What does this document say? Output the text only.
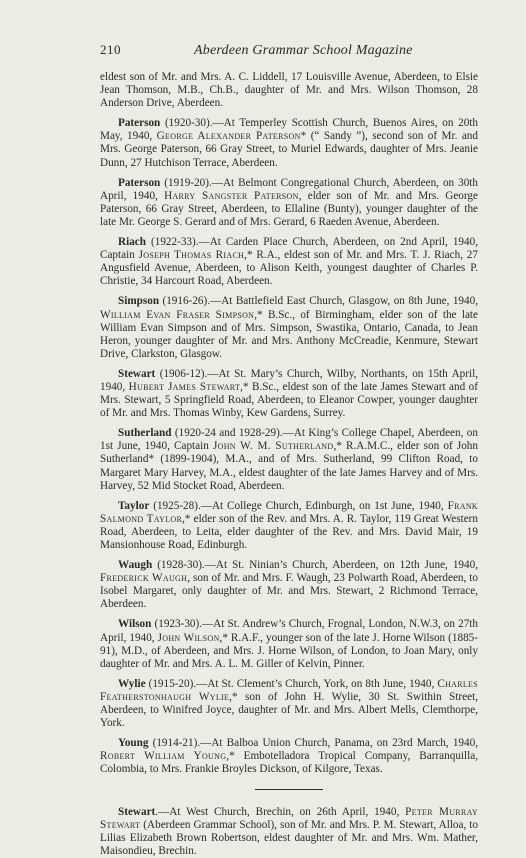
210	Aberdeen Grammar School Magazine

eldest son of Mr. and Mrs. A. C. Liddell, 17 Louisville Avenue, Aberdeen, to Elsie Jean Thomson, M.B., Ch.B., daughter of Mr. and Mrs. Wilson Thomson, 28 Anderson Drive, Aberdeen.

Paterson (1920-30).—At Temperley Scottish Church, Buenos Aires, on 20th May, 1940, George Alexander Paterson* (“ Sandy ”), second son of Mr. and Mrs. George Paterson, 66 Gray Street, to Muriel Edwards, daughter of Mrs. Jeanie Dunn, 27 Hutchison Terrace, Aberdeen.

Paterson (1919-20).—At Belmont Congregational Church, Aberdeen, on 30th April, 1940, Harry Sangster Paterson, elder son of Mr. and Mrs. George Paterson, 66 Gray Street, Aberdeen, to Ellaline (Bunty), younger daughter of the late Mr. George S. Gerard and of Mrs. Gerard, 6 Raeden Avenue, Aberdeen.

Riach (1922-33).—At Carden Place Church, Aberdeen, on 2nd April, 1940, Captain Joseph Thomas Riach,* R.A., eldest son of Mr. and Mrs. T. J. Riach, 27 Angusfield Avenue, Aberdeen, to Alison Keith, youngest daughter of Charles P. Christie, 34 Harcourt Road, Aberdeen.

Simpson (1916-26).—At Battlefield East Church, Glasgow, on 8th June, 1940, William Evan Fraser Simpson,* B.Sc., of Birmingham, elder son of the late William Evan Simpson and of Mrs. Simpson, Swastika, Ontario, Canada, to Jean Heron, younger daughter of Mr. and Mrs. Anthony McCreadie, Kenmure, Stewart Drive, Clarkston, Glasgow.

Stewart (1906-12).—At St. Mary’s Church, Wilby, Northants, on 15th April, 1940, Hubert James Stewart,* B.Sc., eldest son of the late James Stewart and of Mrs. Stewart, 5 Springfield Road, Aberdeen, to Eleanor Cowper, younger daughter of Mr. and Mrs. Thomas Winby, Kew Gardens, Surrey.

Sutherland (1920-24 and 1928-29).—At King’s College Chapel, Aberdeen, on 1st June, 1940, Captain John W. M. Sutherland,* R.A.M.C., elder son of John Sutherland* (1899-1904), M.A., and of Mrs. Sutherland, 99 Clifton Road, to Margaret Mary Harvey, M.A., eldest daughter of the late James Harvey and of Mrs. Harvey, 52 Mid Stocket Road, Aberdeen.

Taylor (1925-28).—At College Church, Edinburgh, on 1st June, 1940, Frank Salmond Taylor,* elder son of the Rev. and Mrs. A. R. Taylor, 119 Great Western Road, Aberdeen, to Leita, elder daughter of the Rev. and Mrs. David Mair, 19 Mansionhouse Road, Edinburgh.

Waugh (1928-30).—At St. Ninian’s Church, Aberdeen, on 12th June, 1940, Frederick Waugh, son of Mr. and Mrs. F. Waugh, 23 Polwarth Road, Aberdeen, to Isobel Margaret, only daughter of Mr. and Mrs. Stewart, 2 Richmond Terrace, Aberdeen.

Wilson (1923-30).—At St. Andrew’s Church, Frognal, London, N.W.3, on 27th April, 1940, John Wilson,* R.A.F., younger son of the late J. Horne Wilson (1885-91), M.D., of Aberdeen, and Mrs. J. Horne Wilson, of London, to Joan Mary, only daughter of Mr. and Mrs. A. L. M. Giller of Kelvin, Pinner.

Wylie (1915-20).—At St. Clement’s Church, York, on 8th June, 1940, Charles Featherstonhaugh Wylie,* son of John H. Wylie, 30 St. Swithin Street, Aberdeen, to Winifred Joyce, daughter of Mr. and Mrs. Albert Mells, Clemthorpe, York.

Young (1914-21).—At Balboa Union Church, Panama, on 23rd March, 1940, Robert William Young,* Embotelladora Tropical Company, Barranquilla, Colombia, to Mrs. Frankie Broyles Dickson, of Kilgore, Texas.

Stewart.—At West Church, Brechin, on 26th April, 1940, Peter Murray Stewart (Aberdeen Grammar School), son of Mr. and Mrs. P. M. Stewart, Alloa, to Lilias Elizabeth Brown Robertson, eldest daughter of Mr. and Mrs. Wm. Mather, Maisondieu, Brechin.
